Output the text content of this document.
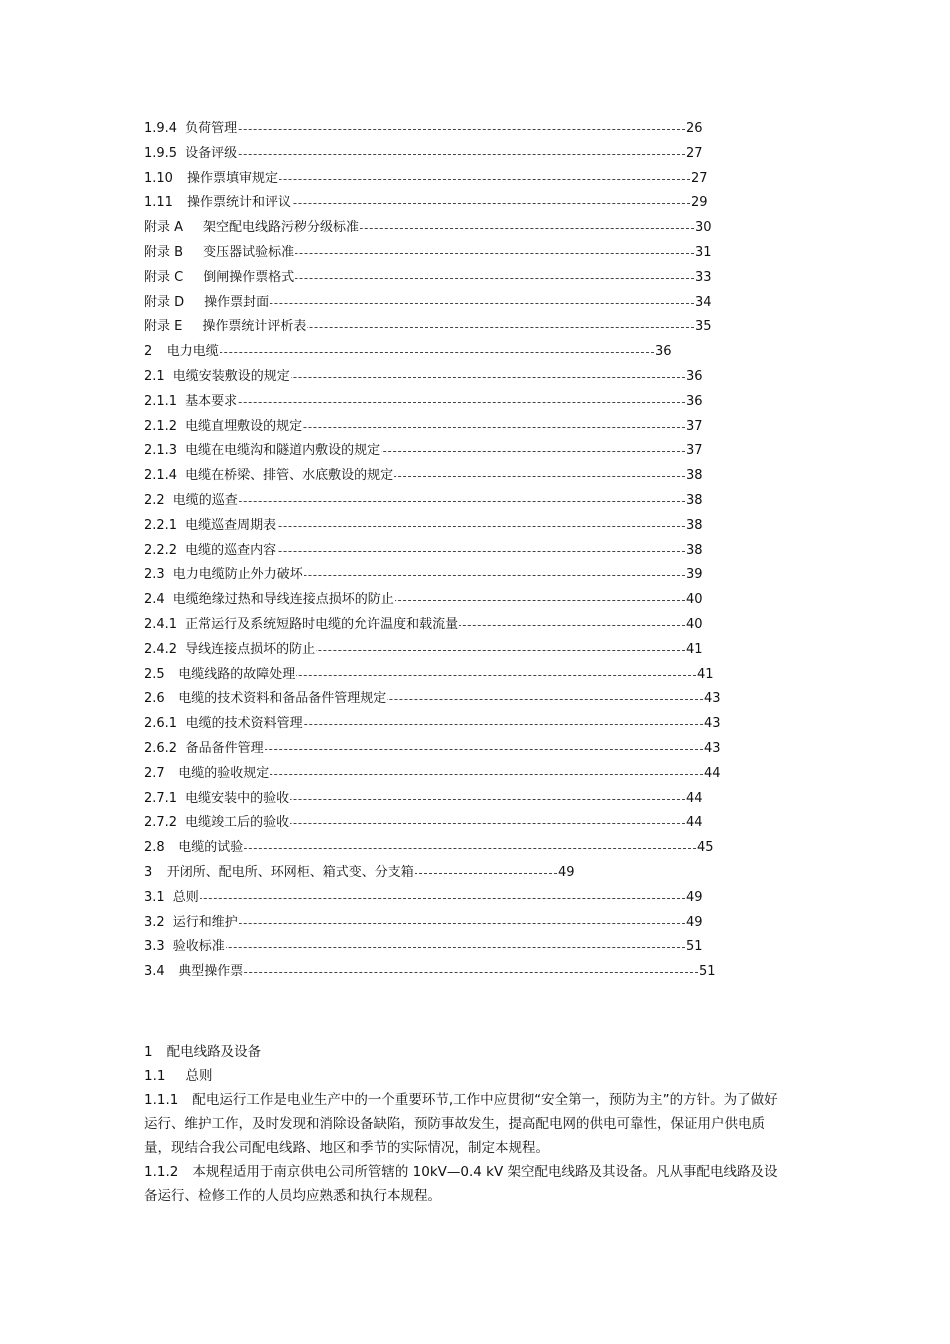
1.9.4 负荷管理	26
1.9.5 设备评级	27
1.10 操作票填审规定	27
1.11 操作票统计和评议	29
附录 A 架空配电线路污秽分级标准	30
附录 B 变压器试验标准	31
附录 C 倒闸操作票格式	33
附录 D 操作票封面	34
附录 E 操作票统计评析表	35
2 电力电缆	36
2.1 电缆安装敷设的规定	36
2.1.1 基本要求	36
2.1.2 电缆直埋敷设的规定	37
2.1.3 电缆在电缆沟和隧道内敷设的规定	37
2.1.4 电缆在桥梁、排管、水底敷设的规定	38
2.2 电缆的巡查	38
2.2.1 电缆巡查周期表	38
2.2.2 电缆的巡查内容	38
2.3 电力电缆防止外力破坏	39
2.4 电缆绝缘过热和导线连接点损坏的防止	40
2.4.1 正常运行及系统短路时电缆的允许温度和载流量	40
2.4.2 导线连接点损坏的防止	41
2.5 电缆线路的故障处理	41
2.6 电缆的技术资料和备品备件管理规定	43
2.6.1 电缆的技术资料管理	43
2.6.2 备品备件管理	43
2.7 电缆的验收规定	44
2.7.1 电缆安装中的验收	44
2.7.2 电缆竣工后的验收	44
2.8 电缆的试验	45
3 开闭所、配电所、环网柜、箱式变、分支箱	49
3.1 总则	49
3.2 运行和维护	49
3.3 验收标准	51
3.4 典型操作票	51

1 配电线路及设备

1.1 总则

1.1.1 配电运行工作是电业生产中的一个重要环节,工作中应贯彻“安全第一，预防为主”的方针。为了做好

运行、维护工作，及时发现和消除设备缺陷，预防事故发生，提高配电网的供电可靠性，保证用户供电质

量，现结合我公司配电线路、地区和季节的实际情况，制定本规程。

1.1.2 本规程适用于南京供电公司所管辖的 10kV—0.4 kV 架空配电线路及其设备。凡从事配电线路及设

备运行、检修工作的人员均应熟悉和执行本规程。
